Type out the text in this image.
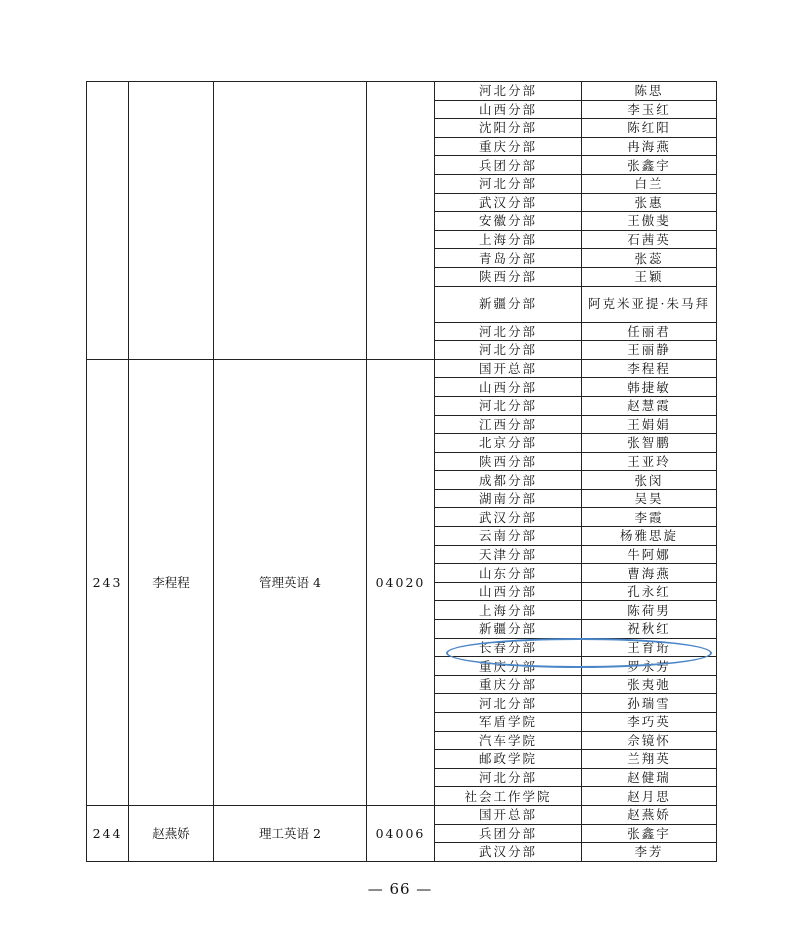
				河北分部	陈思
				山西分部	李玉红
				沈阳分部	陈红阳
				重庆分部	冉海燕
				兵团分部	张鑫宇
				河北分部	白兰
				武汉分部	张惠
				安徽分部	王傲斐
				上海分部	石茜英
				青岛分部	张蕊
				陕西分部	王颖
				新疆分部	阿克米亚提·朱马拜
				河北分部	任丽君
				河北分部	王丽静
243	李程程	管理英语 4	04020	国开总部	李程程
				山西分部	韩捷敏
				河北分部	赵慧霞
				江西分部	王娟娟
				北京分部	张智鹏
				陕西分部	王亚玲
				成都分部	张闵
				湖南分部	吴昊
				武汉分部	李霞
				云南分部	杨雅思旋
				天津分部	牛阿娜
				山东分部	曹海燕
				山西分部	孔永红
				上海分部	陈荷男
				新疆分部	祝秋红
				长春分部	王育珩
				重庆分部	罗永芳
				重庆分部	张夷弛
				河北分部	孙瑞雪
				军盾学院	李巧英
				汽车学院	佘镜怀
				邮政学院	兰翔英
				河北分部	赵健瑞
				社会工作学院	赵月思
244	赵燕娇	理工英语 2	04006	国开总部	赵燕娇
				兵团分部	张鑫宇
				武汉分部	李芳
— 66 —
